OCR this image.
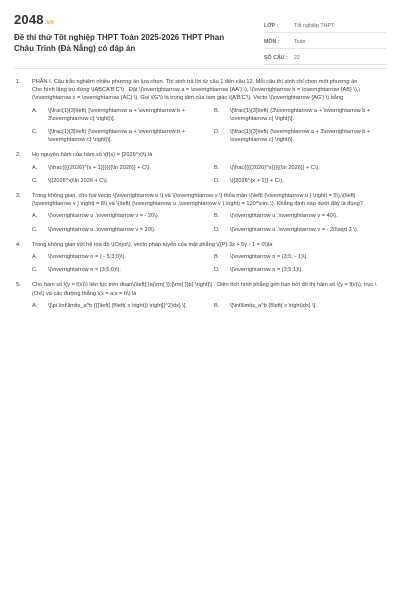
2048.vn
Đề thi thử Tốt nghiệp THPT Toán 2025-2026 THPT Phan Châu Trinh (Đà Nẵng) có đáp án
LỚP :	Tốt nghiệp THPT
MÔN :	Toán
SỐ CÂU : 22
1. PHẦN I. Câu trắc nghiệm nhiều phương án lựa chọn. Thí sinh trả lời từ câu 1 đến câu 12. Mỗi câu thí sinh chỉ chọn một phương án
Cho hình lăng trụ đứng \(ABCA'B'C'\) . Đặt \(\overrightarrow a = \overrightarrow {AA'} \), \(\overrightarrow b = \overrightarrow {AB} \),\(\overrightarrow c = \overrightarrow {AC} \). Gọi \(G'\) là trọng tâm của tam giác \(A'B'C'\). Vecto \(\overrightarrow {AG'} \) bằng
A. \[\frac{1}{3}\left( {\overrightarrow a + \overrightarrow b + 3\overrightarrow c} \right)\].
B. \[\frac{1}{3}\left( {3\overrightarrow a + \overrightarrow b + \overrightarrow c} \right)\].
C. \[\frac{1}{3}\left( {\overrightarrow a + \overrightarrow b + \overrightarrow c} \right)\].
D. \[\frac{1}{3}\left( {\overrightarrow a + 3\overrightarrow b + \overrightarrow c} \right)\].
2. Họ nguyên hàm của hàm số \(f(x) = {2026^x}\) là
A. \(\frac{{{{2026}^{x + 1}}}}{{\ln 2026}} + C\).	B. \(\frac{{{{2026}^x}}}{{\ln 2026}} + C\).
C. \({2026^x}\ln 2026 + C\).	D. \({2026^{x + 1}} + C\).
3. Trong không gian, cho hai vecto \(\overrightarrow u \) và \(\overrightarrow v \) thỏa mãn \(\left| {\overrightarrow u } \right| = 5\),\(\left| {\overrightarrow v } \right| = 8\) và \(\left( {\overrightarrow u ,\overrightarrow v } \right) = 120^\circ \). Khẳng định nào dưới đây là đúng?
A. \(\overrightarrow u .\overrightarrow v = - 20\).	B. \(\overrightarrow u .\overrightarrow v = 40\).
C. \(\overrightarrow u .\overrightarrow v = 20\).	D. \(\overrightarrow u .\overrightarrow v = - 20\sqrt 3 \).
4. Trong không gian với hệ tọa độ \(Oxyz\), vecto pháp tuyến của mặt phẳng \((P):3x + 5y - 1 = 0\)là
A. \(\overrightarrow n = ( - 5;3;0)\).	B. \(\overrightarrow n = (3;5; - 1)\).
C. \(\overrightarrow n = (3;5;0)\).	D. \(\overrightarrow n = (3;5;1)\).
5. Cho hàm số \(y = f(x)\) liên tục trên đoạn\(\left[ {a{\rm{ }};{\rm{ }}b} \right]\) . Diện tích hình phẳng giới hạn bởi đồ thị hàm số \(y = f(x)\), trục \(Ox\) và các đường thẳng \(x = a;x = b\) là
A. \[\pi \int\limits_a^b {{{\left[ {f\left( x \right)} \right]}^2}dx} \].	B. \[\int\limits_a^b {f\left( x \right)dx} \] .
